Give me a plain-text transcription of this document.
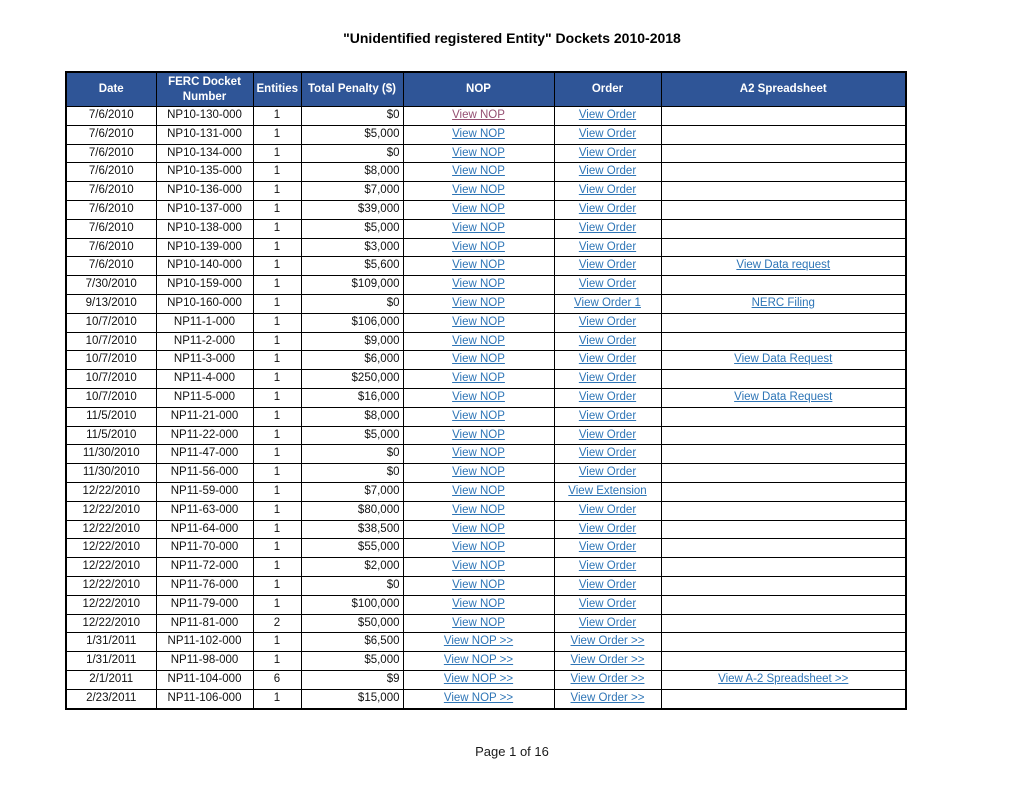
"Unidentified registered Entity" Dockets 2010-2018
Date	FERC Docket Number	Entities	Total Penalty ($)	NOP	Order	A2 Spreadsheet
7/6/2010	NP10-130-000	1	$0	View NOP	View Order	
7/6/2010	NP10-131-000	1	$5,000	View NOP	View Order	
7/6/2010	NP10-134-000	1	$0	View NOP	View Order	
7/6/2010	NP10-135-000	1	$8,000	View NOP	View Order	
7/6/2010	NP10-136-000	1	$7,000	View NOP	View Order	
7/6/2010	NP10-137-000	1	$39,000	View NOP	View Order	
7/6/2010	NP10-138-000	1	$5,000	View NOP	View Order	
7/6/2010	NP10-139-000	1	$3,000	View NOP	View Order	
7/6/2010	NP10-140-000	1	$5,600	View NOP	View Order	View Data request
7/30/2010	NP10-159-000	1	$109,000	View NOP	View Order	
9/13/2010	NP10-160-000	1	$0	View NOP	View Order 1	NERC Filing
10/7/2010	NP11-1-000	1	$106,000	View NOP	View Order	
10/7/2010	NP11-2-000	1	$9,000	View NOP	View Order	
10/7/2010	NP11-3-000	1	$6,000	View NOP	View Order	View Data Request
10/7/2010	NP11-4-000	1	$250,000	View NOP	View Order	
10/7/2010	NP11-5-000	1	$16,000	View NOP	View Order	View Data Request
11/5/2010	NP11-21-000	1	$8,000	View NOP	View Order	
11/5/2010	NP11-22-000	1	$5,000	View NOP	View Order	
11/30/2010	NP11-47-000	1	$0	View NOP	View Order	
11/30/2010	NP11-56-000	1	$0	View NOP	View Order	
12/22/2010	NP11-59-000	1	$7,000	View NOP	View Extension	
12/22/2010	NP11-63-000	1	$80,000	View NOP	View Order	
12/22/2010	NP11-64-000	1	$38,500	View NOP	View Order	
12/22/2010	NP11-70-000	1	$55,000	View NOP	View Order	
12/22/2010	NP11-72-000	1	$2,000	View NOP	View Order	
12/22/2010	NP11-76-000	1	$0	View NOP	View Order	
12/22/2010	NP11-79-000	1	$100,000	View NOP	View Order	
12/22/2010	NP11-81-000	2	$50,000	View NOP	View Order	
1/31/2011	NP11-102-000	1	$6,500	View NOP >>	View Order >>	
1/31/2011	NP11-98-000	1	$5,000	View NOP >>	View Order >>	
2/1/2011	NP11-104-000	6	$9	View NOP >>	View Order >>	View A-2 Spreadsheet >>
2/23/2011	NP11-106-000	1	$15,000	View NOP >>	View Order >>	
Page 1 of 16
